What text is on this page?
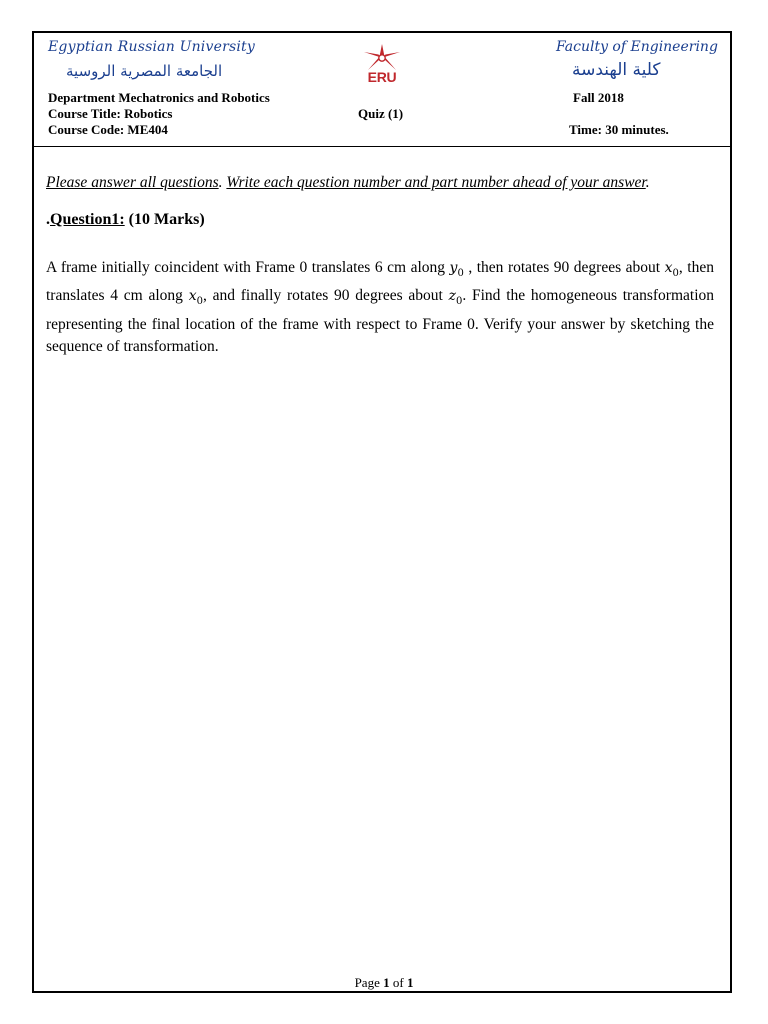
Egyptian Russian University
الجامعة المصرية الروسية	ERU
Faculty of Engineering
كلية الهندسة
Department Mechatronics and Robotics
Course Title: Robotics
Course Code: ME404
Quiz (1)
Fall 2018
Time: 30 minutes.
Please answer all questions. Write each question number and part number ahead of your answer.
.Question1: (10 Marks)
A frame initially coincident with Frame 0 translates 6 cm along $y_0$ , then rotates 90 degrees about $x_0$, then translates 4 cm along $x_0$, and finally rotates 90 degrees about $z_0$. Find the homogeneous transformation representing the final location of the frame with respect to Frame 0. Verify your answer by sketching the sequence of transformation.
Page 1 of 1
